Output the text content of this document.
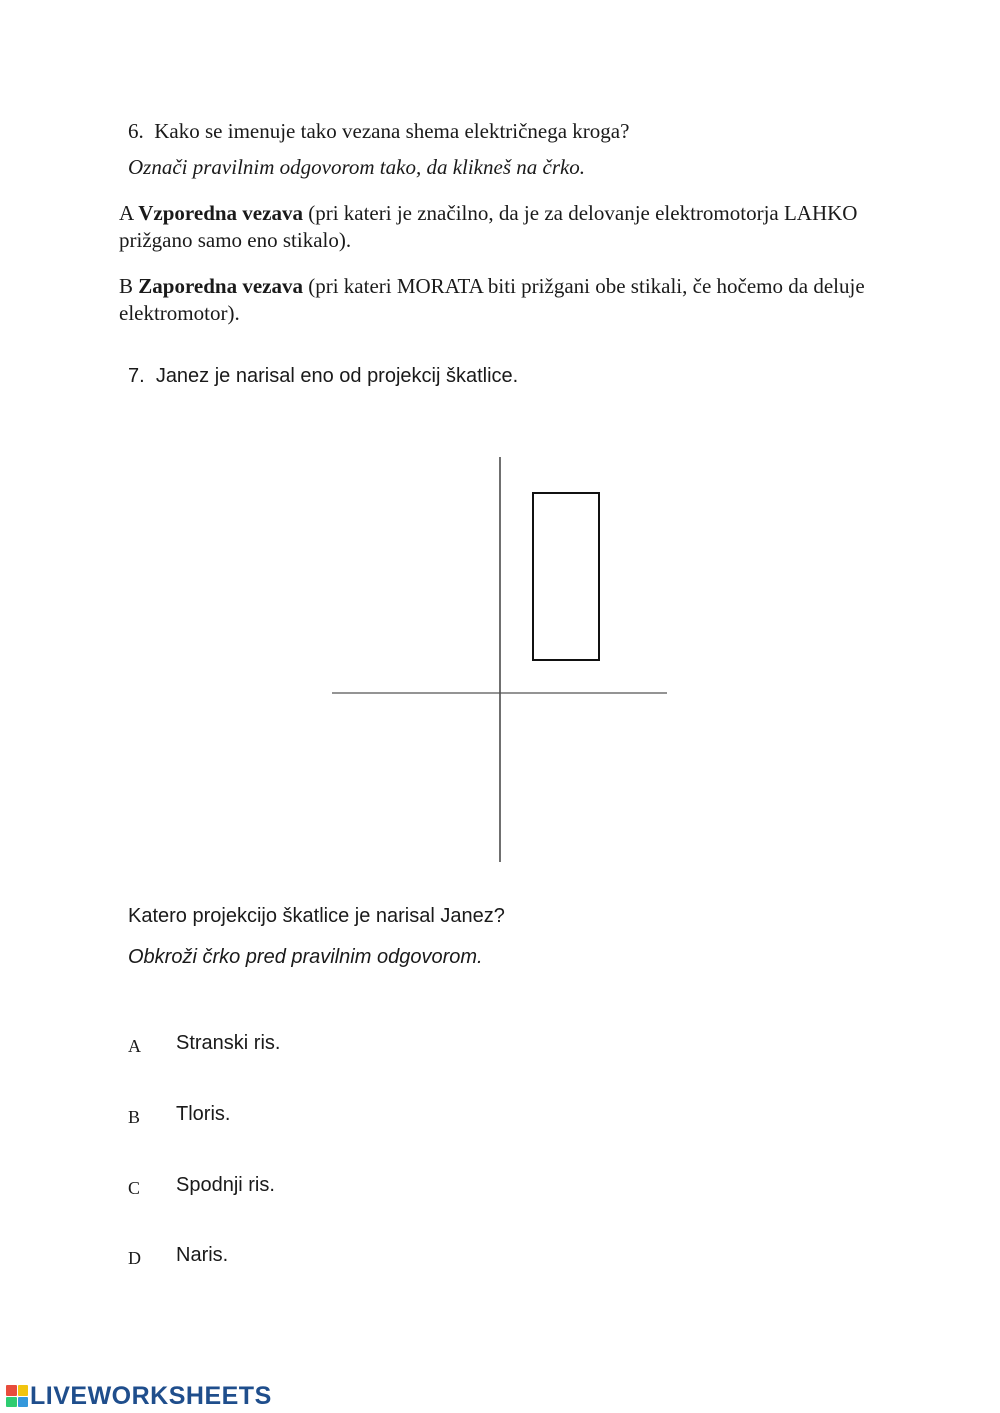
6. Kako se imenuje tako vezana shema električnega kroga?
Označi pravilnim odgovorom tako, da klikneš na črko.
A Vzporedna vezava (pri kateri je značilno, da je za delovanje elektromotorja LAHKO prižgano samo eno stikalo).
B Zaporedna vezava (pri kateri MORATA biti prižgani obe stikali, če hočemo da deluje elektromotor).
7. Janez je narisal eno od projekcij škatlice.
Katero projekcijo škatlice je narisal Janez?
Obkroži črko pred pravilnim odgovorom.
A Stranski ris.
B Tloris.
C Spodnji ris.
D Naris.
LIVEWORKSHEETS
